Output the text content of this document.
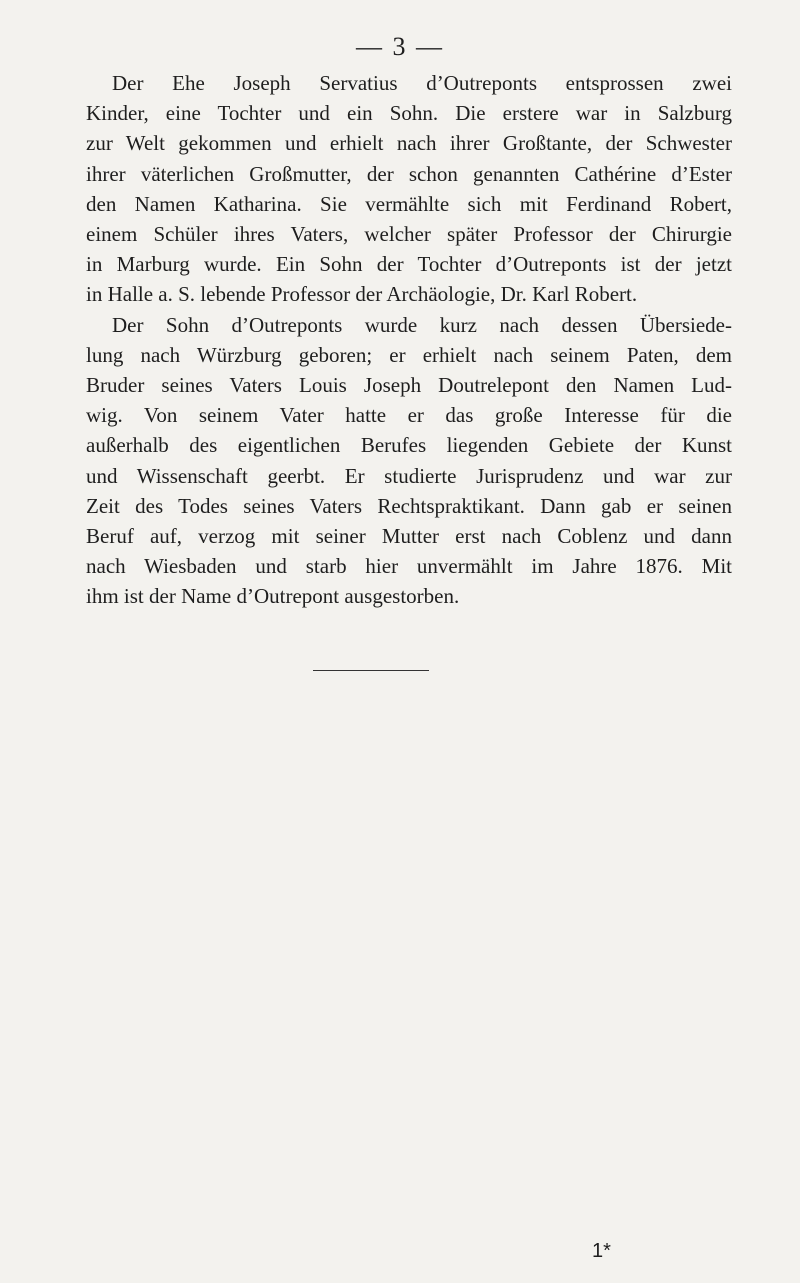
— 3 —

Der Ehe Joseph Servatius d’Outreponts entsprossen zwei
Kinder, eine Tochter und ein Sohn. Die erstere war in Salzburg
zur Welt gekommen und erhielt nach ihrer Großtante, der Schwester
ihrer väterlichen Großmutter, der schon genannten Cathérine d’Ester
den Namen Katharina. Sie vermählte sich mit Ferdinand Robert,
einem Schüler ihres Vaters, welcher später Professor der Chirurgie
in Marburg wurde. Ein Sohn der Tochter d’Outreponts ist der jetzt
in Halle a. S. lebende Professor der Archäologie, Dr. Karl Robert.

Der Sohn d’Outreponts wurde kurz nach dessen Übersiede-
lung nach Würzburg geboren; er erhielt nach seinem Paten, dem
Bruder seines Vaters Louis Joseph Doutrelepont den Namen Lud-
wig. Von seinem Vater hatte er das große Interesse für die
außerhalb des eigentlichen Berufes liegenden Gebiete der Kunst
und Wissenschaft geerbt. Er studierte Jurisprudenz und war zur
Zeit des Todes seines Vaters Rechtspraktikant. Dann gab er seinen
Beruf auf, verzog mit seiner Mutter erst nach Coblenz und dann
nach Wiesbaden und starb hier unvermählt im Jahre 1876. Mit
ihm ist der Name d’Outrepont ausgestorben.

1*
